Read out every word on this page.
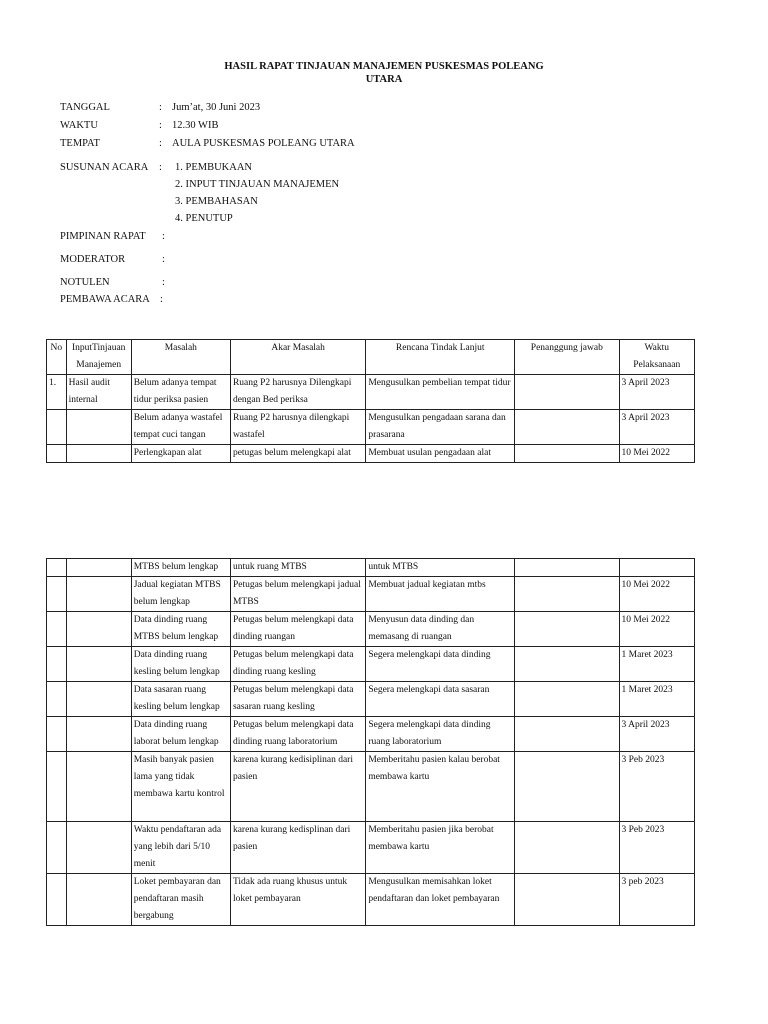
HASIL RAPAT TINJAUAN MANAJEMEN PUSKESMAS POLEANG
UTARA
TANGGAL	: Jum’at, 30 Juni 2023
WAKTU	: 12.30 WIB
TEMPAT	: AULA PUSKESMAS POLEANG UTARA
SUSUNAN ACARA : 1. PEMBUKAAN
2. INPUT TINJAUAN MANAJEMEN
3. PEMBAHASAN
4. PENUTUP
PIMPINAN RAPAT :
MODERATOR	:
NOTULEN	:
PEMBAWA ACARA :
No	InputTinjauan Manajemen	Masalah	Akar Masalah	Rencana Tindak Lanjut	Penanggung jawab	Waktu Pelaksanaan
1.	Hasil audit internal	Belum adanya tempat tidur periksa pasien	Ruang P2 harusnya Dilengkapi dengan Bed periksa	Mengusulkan pembelian tempat tidur		3 April 2023
		Belum adanya wastafel tempat cuci tangan	Ruang P2 harusnya dilengkapi wastafel	Mengusulkan pengadaan sarana dan prasarana		3 April 2023
		Perlengkapan alat	petugas belum melengkapi alat	Membuat usulan pengadaan alat		10 Mei 2022
		MTBS belum lengkap	untuk ruang MTBS	untuk MTBS		
		Jadual kegiatan MTBS belum lengkap	Petugas belum melengkapi jadual MTBS	Membuat jadual kegiatan mtbs		10 Mei 2022
		Data dinding ruang MTBS belum lengkap	Petugas belum melengkapi data dinding ruangan	Menyusun data dinding dan memasang di ruangan		10 Mei 2022
		Data dinding ruang kesling belum lengkap	Petugas belum melengkapi data dinding ruang kesling	Segera melengkapi data dinding		1 Maret 2023
		Data sasaran ruang kesling belum lengkap	Petugas belum melengkapi data sasaran ruang kesling	Segera melengkapi data sasaran		1 Maret 2023
		Data dinding ruang laborat belum lengkap	Petugas belum melengkapi data dinding ruang laboratorium	Segera melengkapi data dinding ruang laboratorium		3 April 2023
		Masih banyak pasien lama yang tidak membawa kartu kontrol	karena kurang kedisiplinan dari pasien	Memberitahu pasien kalau berobat membawa kartu		3 Peb 2023
		Waktu pendaftaran ada yang lebih dari 5/10 menit	karena kurang kedisplinan dari pasien	Memberitahu pasien jika berobat membawa kartu		3 Peb 2023
		Loket pembayaran dan pendaftaran masih bergabung	Tidak ada ruang khusus untuk loket pembayaran	Mengusulkan memisahkan loket pendaftaran dan loket pembayaran		3 peb 2023
